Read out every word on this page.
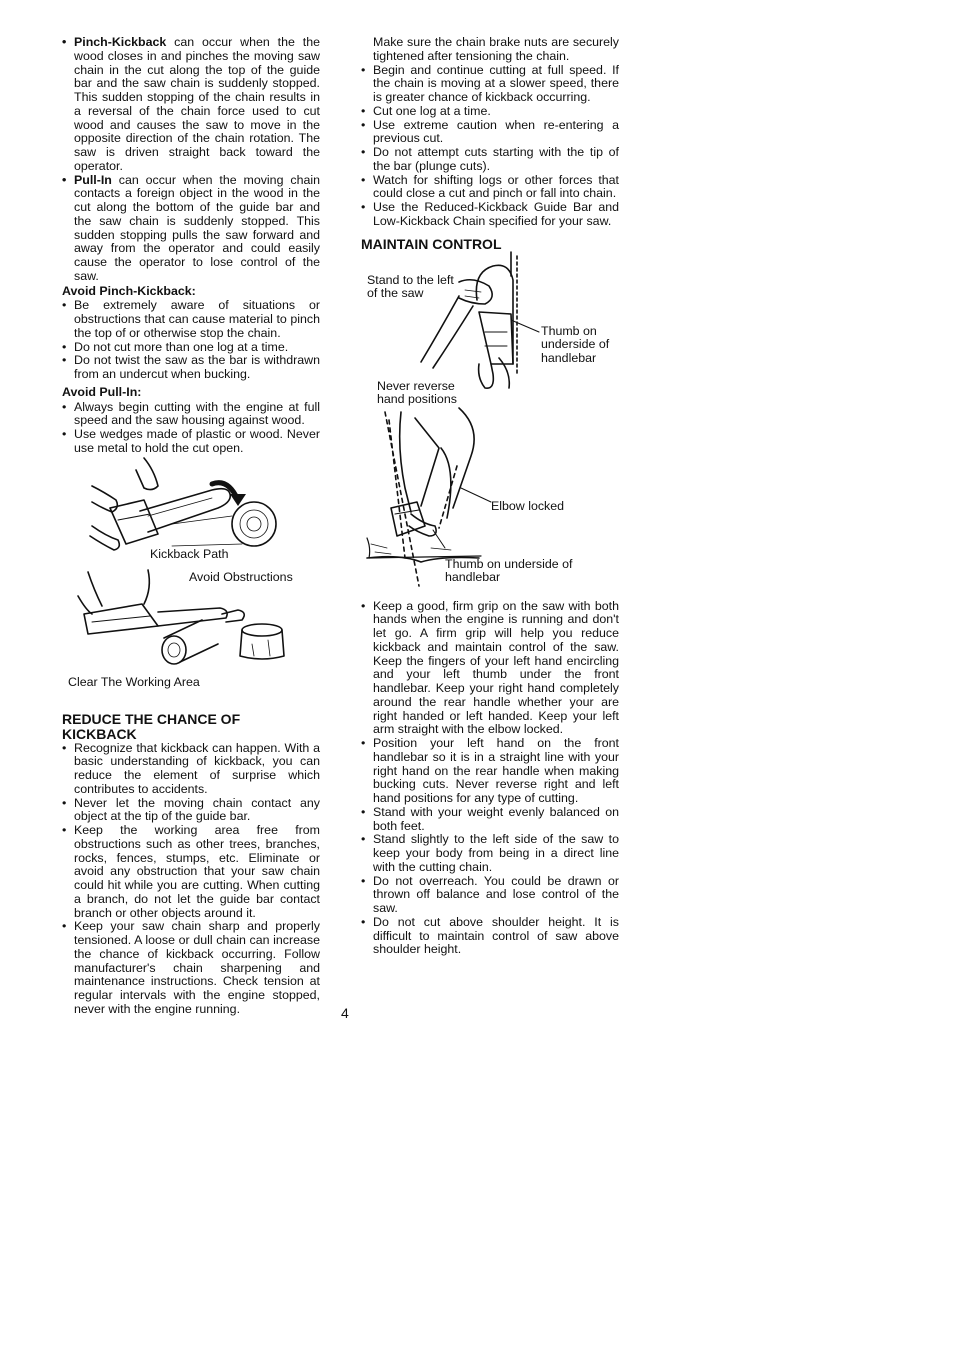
• Pinch-Kickback can occur when the the wood closes in and pinches the moving saw chain in the cut along the top of the guide bar and the saw chain is suddenly stopped. This sudden stopping of the chain results in a reversal of the chain force used to cut wood and causes the saw to move in the opposite direction of the chain rotation. The saw is driven straight back toward the operator.
• Pull-In can occur when the moving chain contacts a foreign object in the wood in the cut along the bottom of the guide bar and the saw chain is suddenly stopped. This sudden stopping pulls the saw forward and away from the operator and could easily cause the operator to lose control of the saw.
Avoid Pinch-Kickback:
• Be extremely aware of situations or obstructions that can cause material to pinch the top of or otherwise stop the chain.
• Do not cut more than one log at a time.
• Do not twist the saw as the bar is withdrawn from an undercut when bucking.
Avoid Pull-In:
• Always begin cutting with the engine at full speed and the saw housing against wood.
• Use wedges made of plastic or wood. Never use metal to hold the cut open.
Kickback Path
Avoid Obstructions
Clear The Working Area
REDUCE THE CHANCE OF
KICKBACK
• Recognize that kickback can happen. With a basic understanding of kickback, you can reduce the element of surprise which contributes to accidents.
• Never let the moving chain contact any object at the tip of the guide bar.
• Keep the working area free from obstructions such as other trees, branches, rocks, fences, stumps, etc. Eliminate or avoid any obstruction that your saw chain could hit while you are cutting. When cutting a branch, do not let the guide bar contact branch or other objects around it.
• Keep your saw chain sharp and properly tensioned. A loose or dull chain can increase the chance of kickback occurring. Follow manufacturer's chain sharpening and maintenance instructions. Check tension at regular intervals with the engine stopped, never with the engine running.
Make sure the chain brake nuts are securely tightened after tensioning the chain.
• Begin and continue cutting at full speed. If the chain is moving at a slower speed, there is greater chance of kickback occurring.
• Cut one log at a time.
• Use extreme caution when re-entering a previous cut.
• Do not attempt cuts starting with the tip of the bar (plunge cuts).
• Watch for shifting logs or other forces that could close a cut and pinch or fall into chain.
• Use the Reduced-Kickback Guide Bar and Low-Kickback Chain specified for your saw.
MAINTAIN CONTROL
Stand to the left of the saw
Thumb on underside of handlebar
Never reverse hand positions
Elbow locked
Thumb on underside of handlebar
• Keep a good, firm grip on the saw with both hands when the engine is running and don't let go. A firm grip will help you reduce kickback and maintain control of the saw. Keep the fingers of your left hand encircling and your left thumb under the front handlebar. Keep your right hand completely around the rear handle whether your are right handed or left handed. Keep your left arm straight with the elbow locked.
• Position your left hand on the front handlebar so it is in a straight line with your right hand on the rear handle when making bucking cuts. Never reverse right and left hand positions for any type of cutting.
• Stand with your weight evenly balanced on both feet.
• Stand slightly to the left side of the saw to keep your body from being in a direct line with the cutting chain.
• Do not overreach. You could be drawn or thrown off balance and lose control of the saw.
• Do not cut above shoulder height. It is difficult to maintain control of saw above shoulder height.
4
